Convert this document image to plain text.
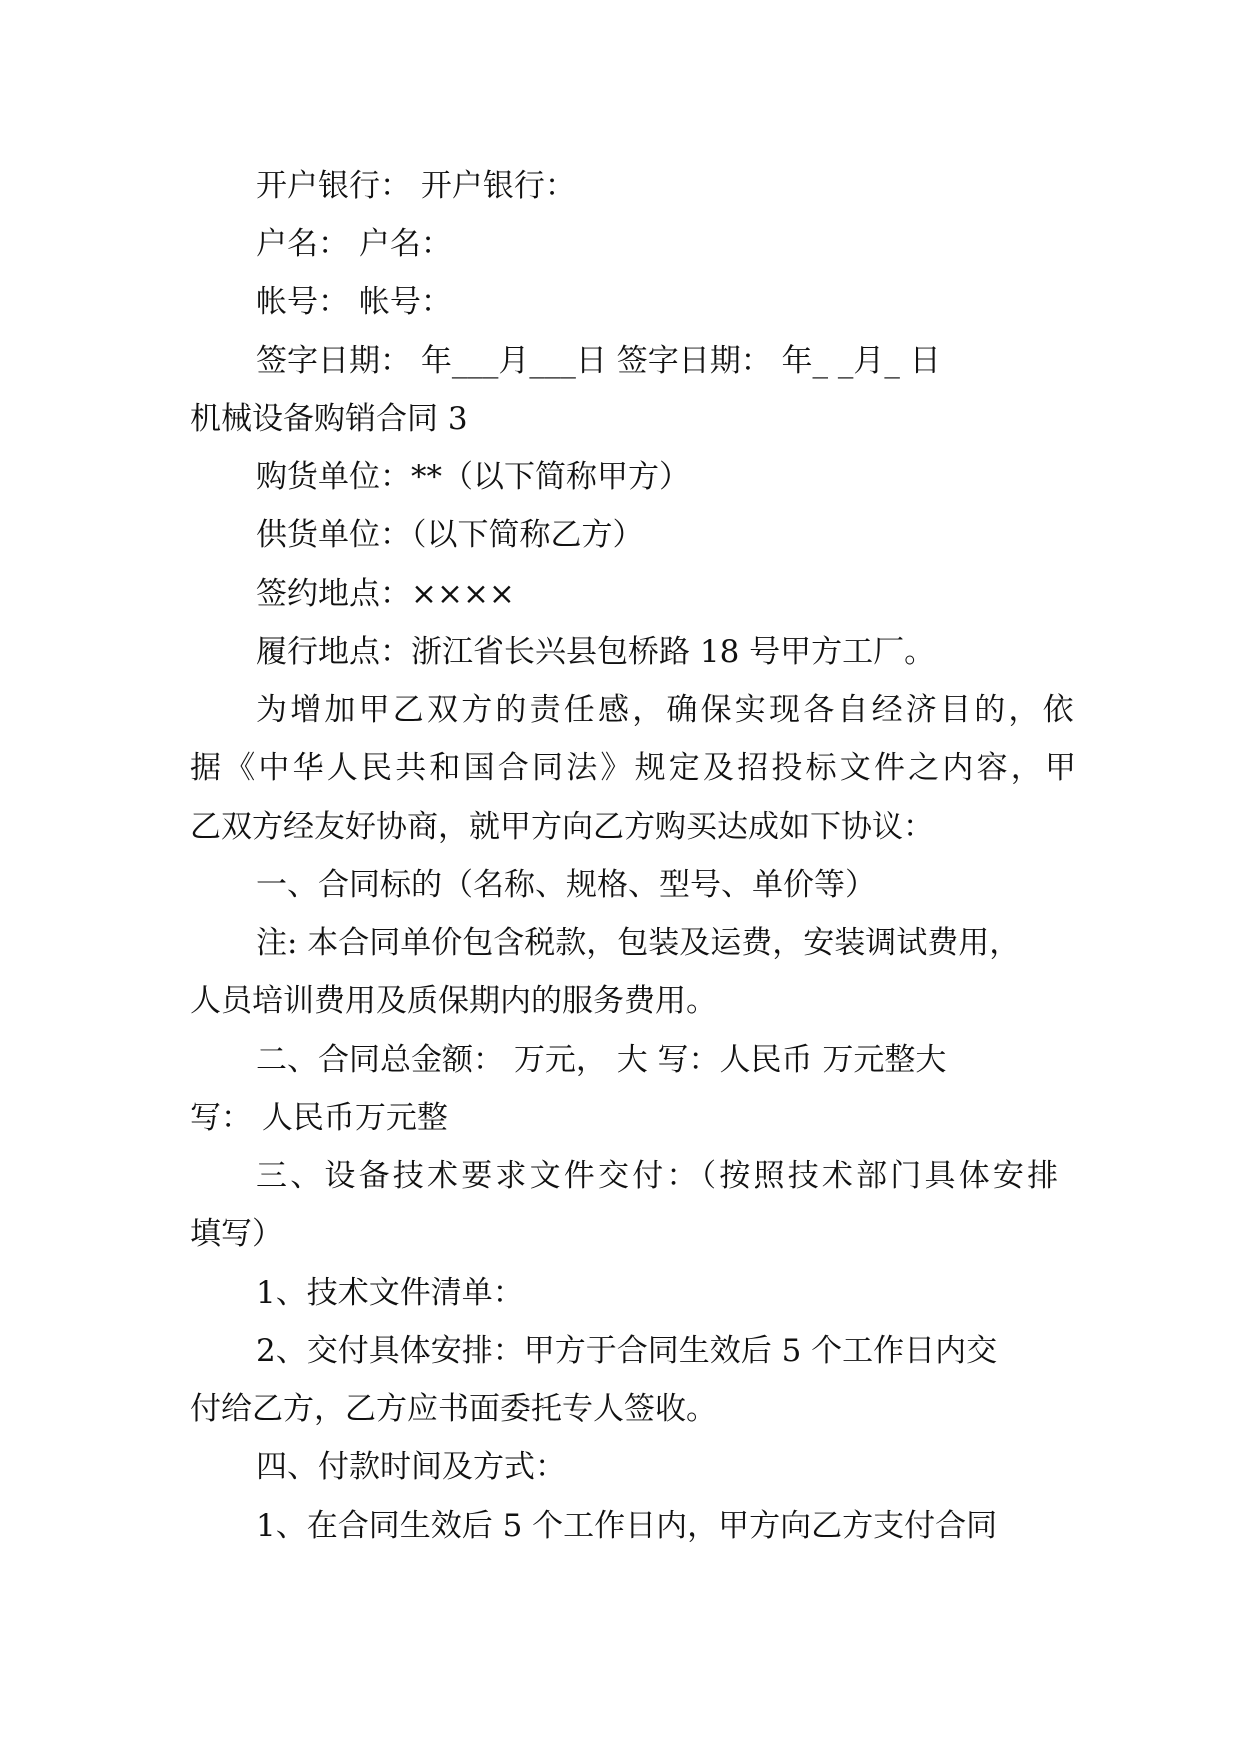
开户银行： 开户银行：
户名： 户名：
帐号： 帐号：
签字日期： 年___月___日 签字日期： 年_ _月_ 日
机械设备购销合同 3
购货单位：**（以下简称甲方）
供货单位：（以下简称乙方）
签约地点：××××
履行地点：浙江省长兴县包桥路 18 号甲方工厂。
为增加甲乙双方的责任感，确保实现各自经济目的，依
据《中华人民共和国合同法》规定及招投标文件之内容，甲
乙双方经友好协商，就甲方向乙方购买达成如下协议：
一、合同标的（名称、规格、型号、单价等）
注: 本合同单价包含税款，包装及运费，安装调试费用，
人员培训费用及质保期内的服务费用。
二、合同总金额： 万元， 大 写：人民币 万元整大
写： 人民币万元整
三、设备技术要求文件交付：（按照技术部门具体安排
填写）
1、技术文件清单：
2、交付具体安排：甲方于合同生效后 5 个工作日内交
付给乙方，乙方应书面委托专人签收。
四、付款时间及方式：
1、在合同生效后 5 个工作日内，甲方向乙方支付合同
